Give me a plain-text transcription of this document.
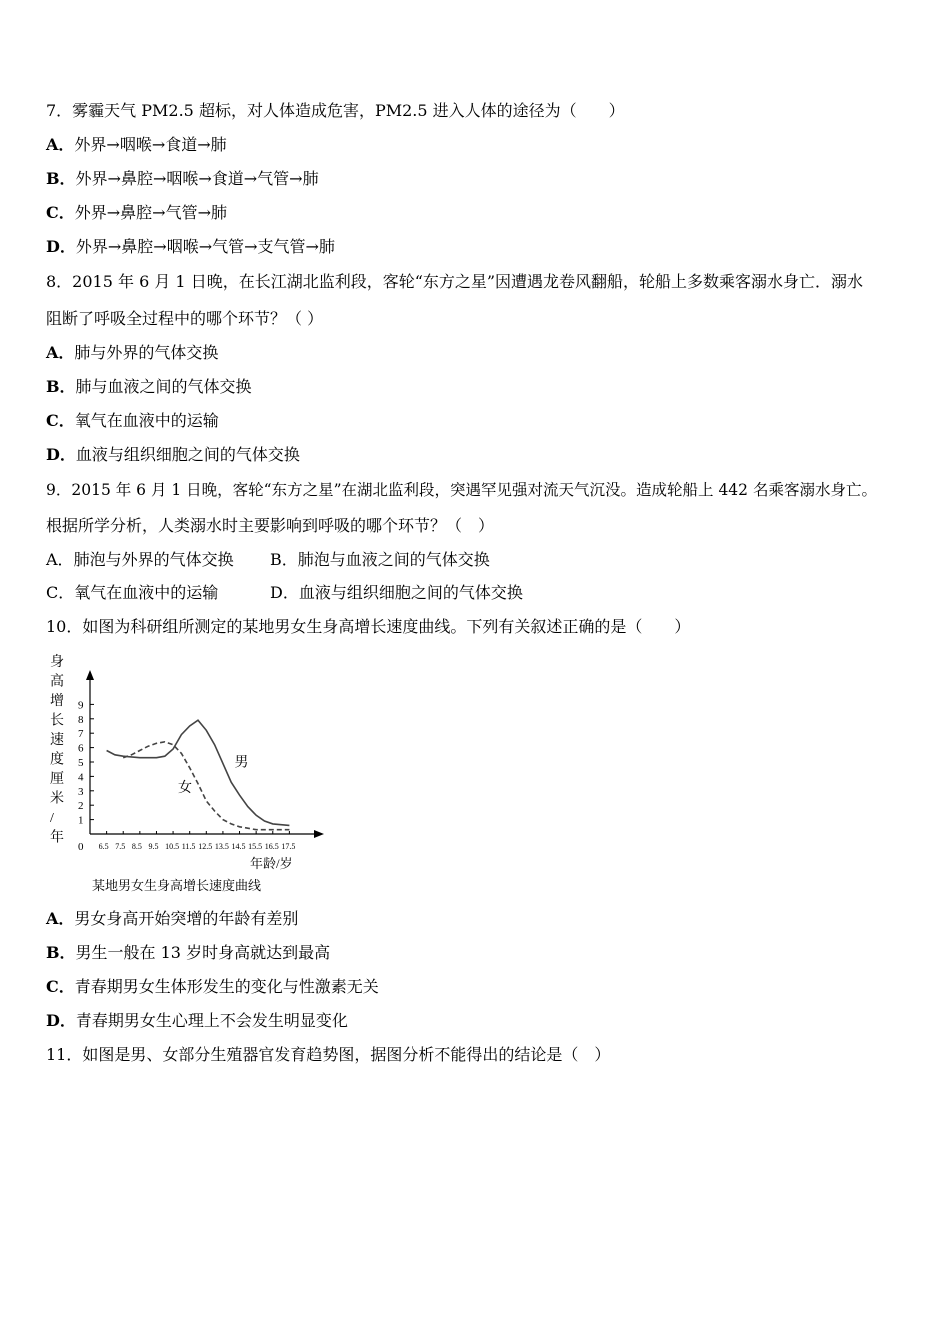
7．雾霾天气 PM2.5 超标，对人体造成危害，PM2.5 进入人体的途径为（　　）
A．外界→咽喉→食道→肺
B．外界→鼻腔→咽喉→食道→气管→肺
C．外界→鼻腔→气管→肺
D．外界→鼻腔→咽喉→气管→支气管→肺
8．2015 年 6 月 1 日晚，在长江湖北监利段，客轮“东方之星”因遭遇龙卷风翻船，轮船上多数乘客溺水身亡．溺水
阻断了呼吸全过程中的哪个环节？（ ）
A．肺与外界的气体交换
B．肺与血液之间的气体交换
C．氧气在血液中的运输
D．血液与组织细胞之间的气体交换
9．2015 年 6 月 1 日晚，客轮“东方之星”在湖北监利段，突遇罕见强对流天气沉没。造成轮船上 442 名乘客溺水身亡。
根据所学分析，人类溺水时主要影响到呼吸的哪个环节？（　）
A．肺泡与外界的气体交换 B．肺泡与血液之间的气体交换
C．氧气在血液中的运输	D．血液与组织细胞之间的气体交换
10．如图为科研组所测定的某地男女生身高增长速度曲线。下列有关叙述正确的是（　　）
身
高
增
长
速
度
厘
米
/
年
1
2
3
4
5
6
7
8
9
0 6.5 7.5 8.5 9.5 10.5 11.5 12.5 13.5 14.5 15.5 16.5 17.5
男
女
年龄/岁
某地男女生身高增长速度曲线
A．男女身高开始突增的年龄有差别
B．男生一般在 13 岁时身高就达到最高
C．青春期男女生体形发生的变化与性激素无关
D．青春期男女生心理上不会发生明显变化
11．如图是男、女部分生殖器官发育趋势图，据图分析不能得出的结论是（　）
